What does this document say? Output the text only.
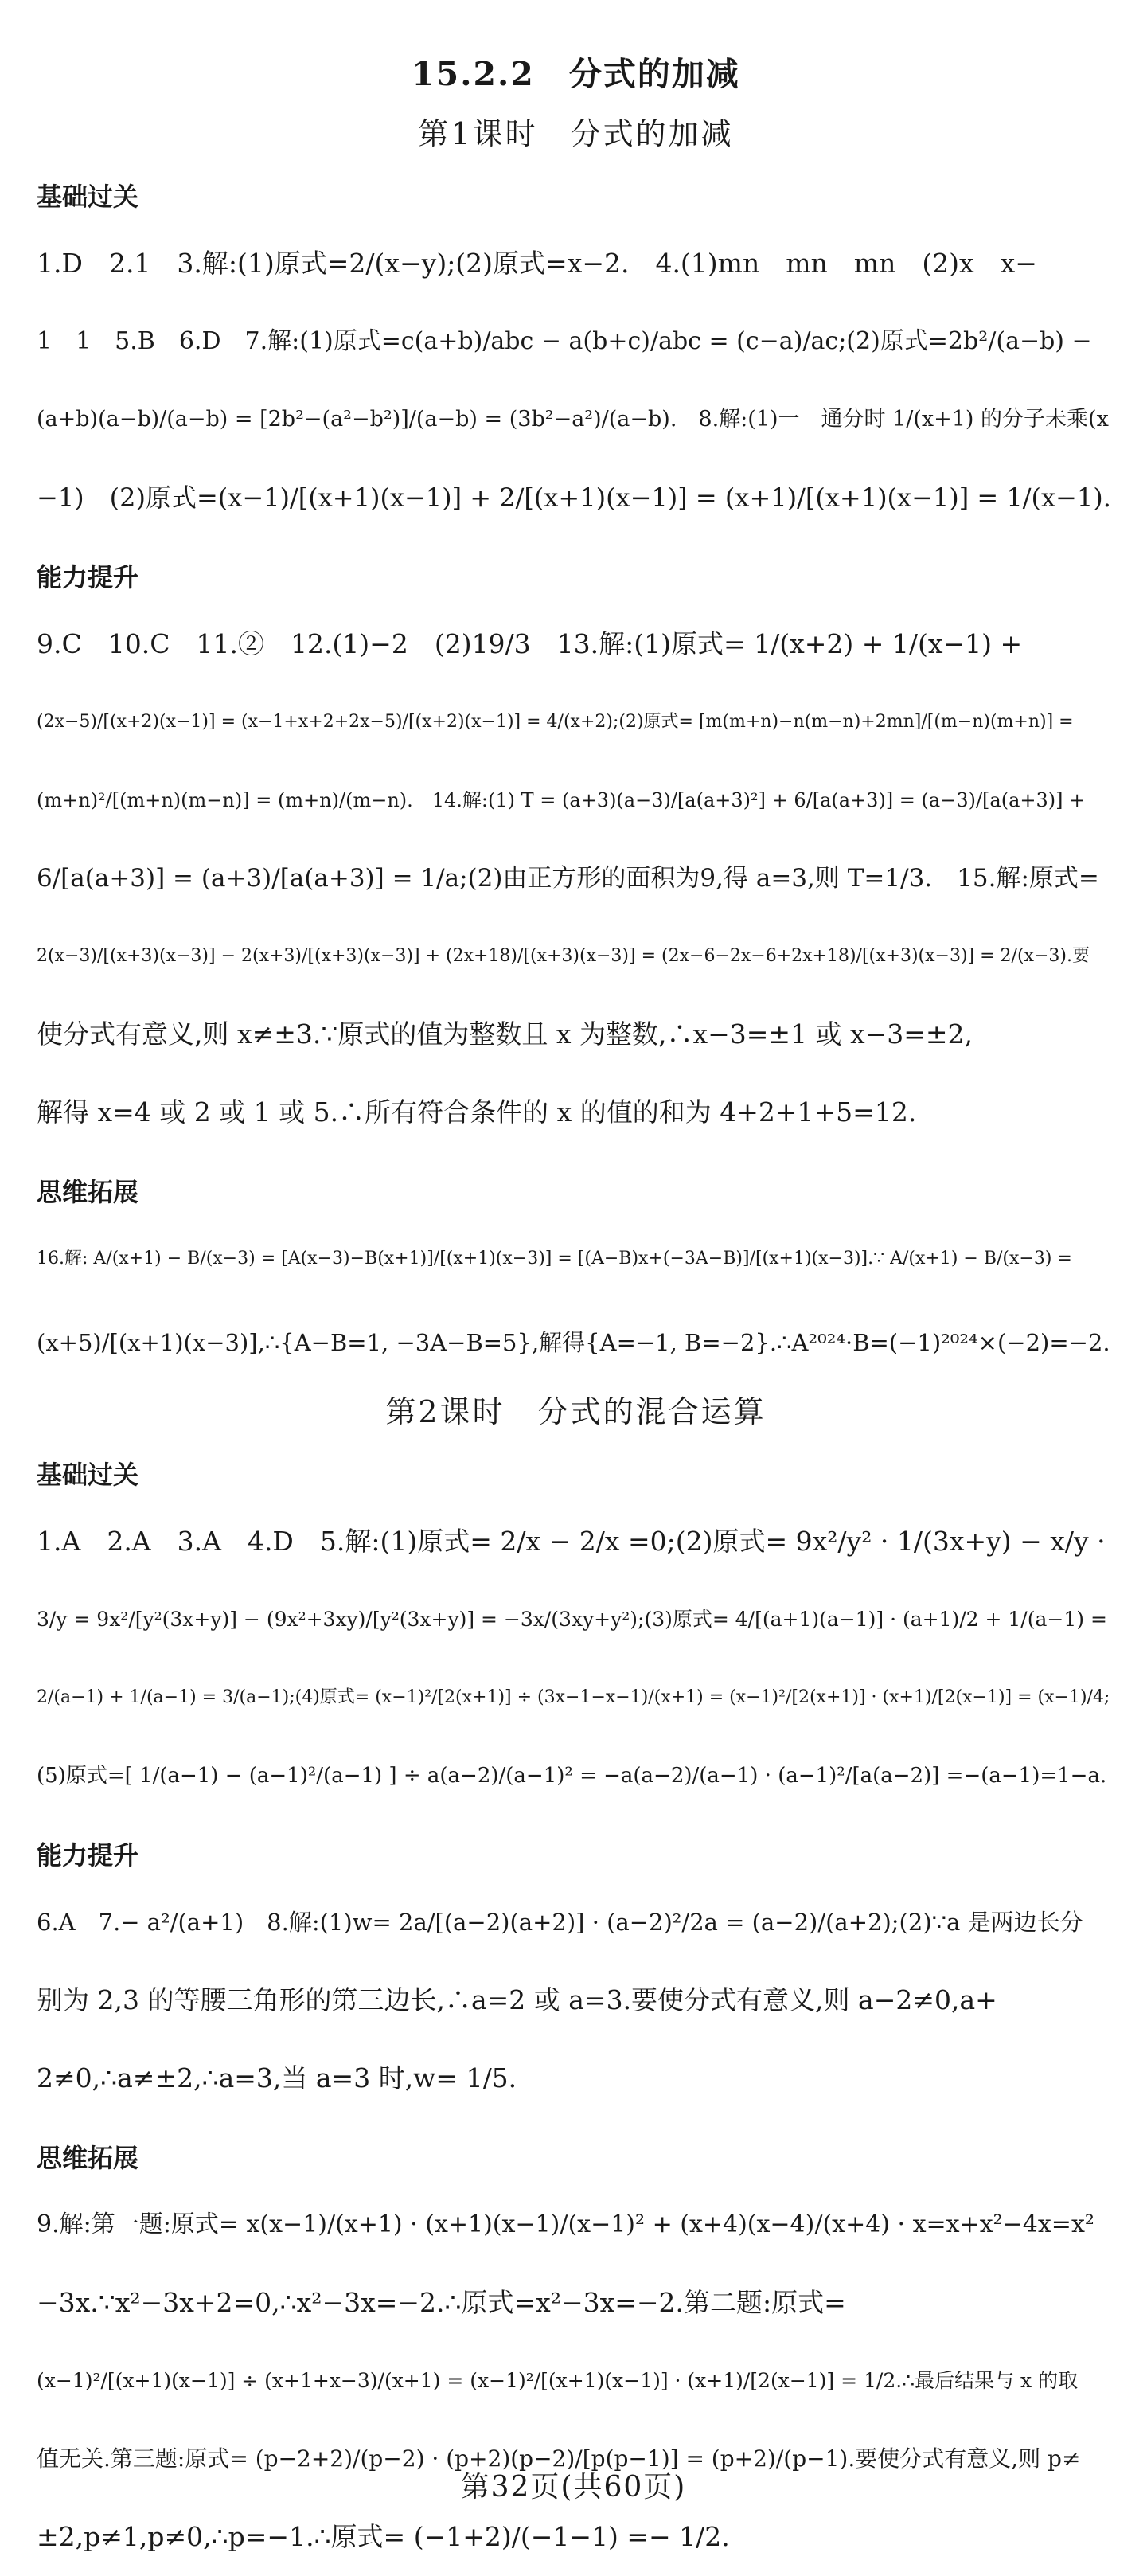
15.2.2　分式的加减
第1课时　分式的加减
基础过关
1.D　2.1　3.解:(1)原式=2/(x−y);(2)原式=x−2.　4.(1)mn　mn　mn　(2)x　x−
1　1　5.B　6.D　7.解:(1)原式=c(a+b)/abc − a(b+c)/abc = (c−a)/ac;(2)原式=2b²/(a−b) −
(a+b)(a−b)/(a−b) = [2b²−(a²−b²)]/(a−b) = (3b²−a²)/(a−b).　8.解:(1)一　通分时 1/(x+1) 的分子未乘(x
−1)　(2)原式=(x−1)/[(x+1)(x−1)] + 2/[(x+1)(x−1)] = (x+1)/[(x+1)(x−1)] = 1/(x−1).
能力提升
9.C　10.C　11.②　12.(1)−2　(2)19/3　13.解:(1)原式= 1/(x+2) + 1/(x−1) +
(2x−5)/[(x+2)(x−1)] = (x−1+x+2+2x−5)/[(x+2)(x−1)] = 4/(x+2);(2)原式= [m(m+n)−n(m−n)+2mn]/[(m−n)(m+n)] =
(m+n)²/[(m+n)(m−n)] = (m+n)/(m−n).　14.解:(1) T = (a+3)(a−3)/[a(a+3)²] + 6/[a(a+3)] = (a−3)/[a(a+3)] +
6/[a(a+3)] = (a+3)/[a(a+3)] = 1/a;(2)由正方形的面积为9,得 a=3,则 T=1/3.　15.解:原式=
2(x−3)/[(x+3)(x−3)] − 2(x+3)/[(x+3)(x−3)] + (2x+18)/[(x+3)(x−3)] = (2x−6−2x−6+2x+18)/[(x+3)(x−3)] = 2/(x−3).要
使分式有意义,则 x≠±3.∵原式的值为整数且 x 为整数,∴x−3=±1 或 x−3=±2,
解得 x=4 或 2 或 1 或 5.∴所有符合条件的 x 的值的和为 4+2+1+5=12.
思维拓展
16.解: A/(x+1) − B/(x−3) = [A(x−3)−B(x+1)]/[(x+1)(x−3)] = [(A−B)x+(−3A−B)]/[(x+1)(x−3)].∵ A/(x+1) − B/(x−3) =
(x+5)/[(x+1)(x−3)],∴{A−B=1, −3A−B=5},解得{A=−1, B=−2}.∴A²⁰²⁴·B=(−1)²⁰²⁴×(−2)=−2.
第2课时　分式的混合运算
基础过关
1.A　2.A　3.A　4.D　5.解:(1)原式= 2/x − 2/x =0;(2)原式= 9x²/y² · 1/(3x+y) − x/y ·
3/y = 9x²/[y²(3x+y)] − (9x²+3xy)/[y²(3x+y)] = −3x/(3xy+y²);(3)原式= 4/[(a+1)(a−1)] · (a+1)/2 + 1/(a−1) =
2/(a−1) + 1/(a−1) = 3/(a−1);(4)原式= (x−1)²/[2(x+1)] ÷ (3x−1−x−1)/(x+1) = (x−1)²/[2(x+1)] · (x+1)/[2(x−1)] = (x−1)/4;
(5)原式=[ 1/(a−1) − (a−1)²/(a−1) ] ÷ a(a−2)/(a−1)² = −a(a−2)/(a−1) · (a−1)²/[a(a−2)] =−(a−1)=1−a.
能力提升
6.A　7.− a²/(a+1)　8.解:(1)w= 2a/[(a−2)(a+2)] · (a−2)²/2a = (a−2)/(a+2);(2)∵a 是两边长分
别为 2,3 的等腰三角形的第三边长,∴a=2 或 a=3.要使分式有意义,则 a−2≠0,a+
2≠0,∴a≠±2,∴a=3,当 a=3 时,w= 1/5.
思维拓展
9.解:第一题:原式= x(x−1)/(x+1) · (x+1)(x−1)/(x−1)² + (x+4)(x−4)/(x+4) · x=x+x²−4x=x²
−3x.∵x²−3x+2=0,∴x²−3x=−2.∴原式=x²−3x=−2.第二题:原式=
(x−1)²/[(x+1)(x−1)] ÷ (x+1+x−3)/(x+1) = (x−1)²/[(x+1)(x−1)] · (x+1)/[2(x−1)] = 1/2.∴最后结果与 x 的取
值无关.第三题:原式= (p−2+2)/(p−2) · (p+2)(p−2)/[p(p−1)] = (p+2)/(p−1).要使分式有意义,则 p≠
±2,p≠1,p≠0,∴p=−1.∴原式= (−1+2)/(−1−1) =− 1/2.
第32页(共60页)
